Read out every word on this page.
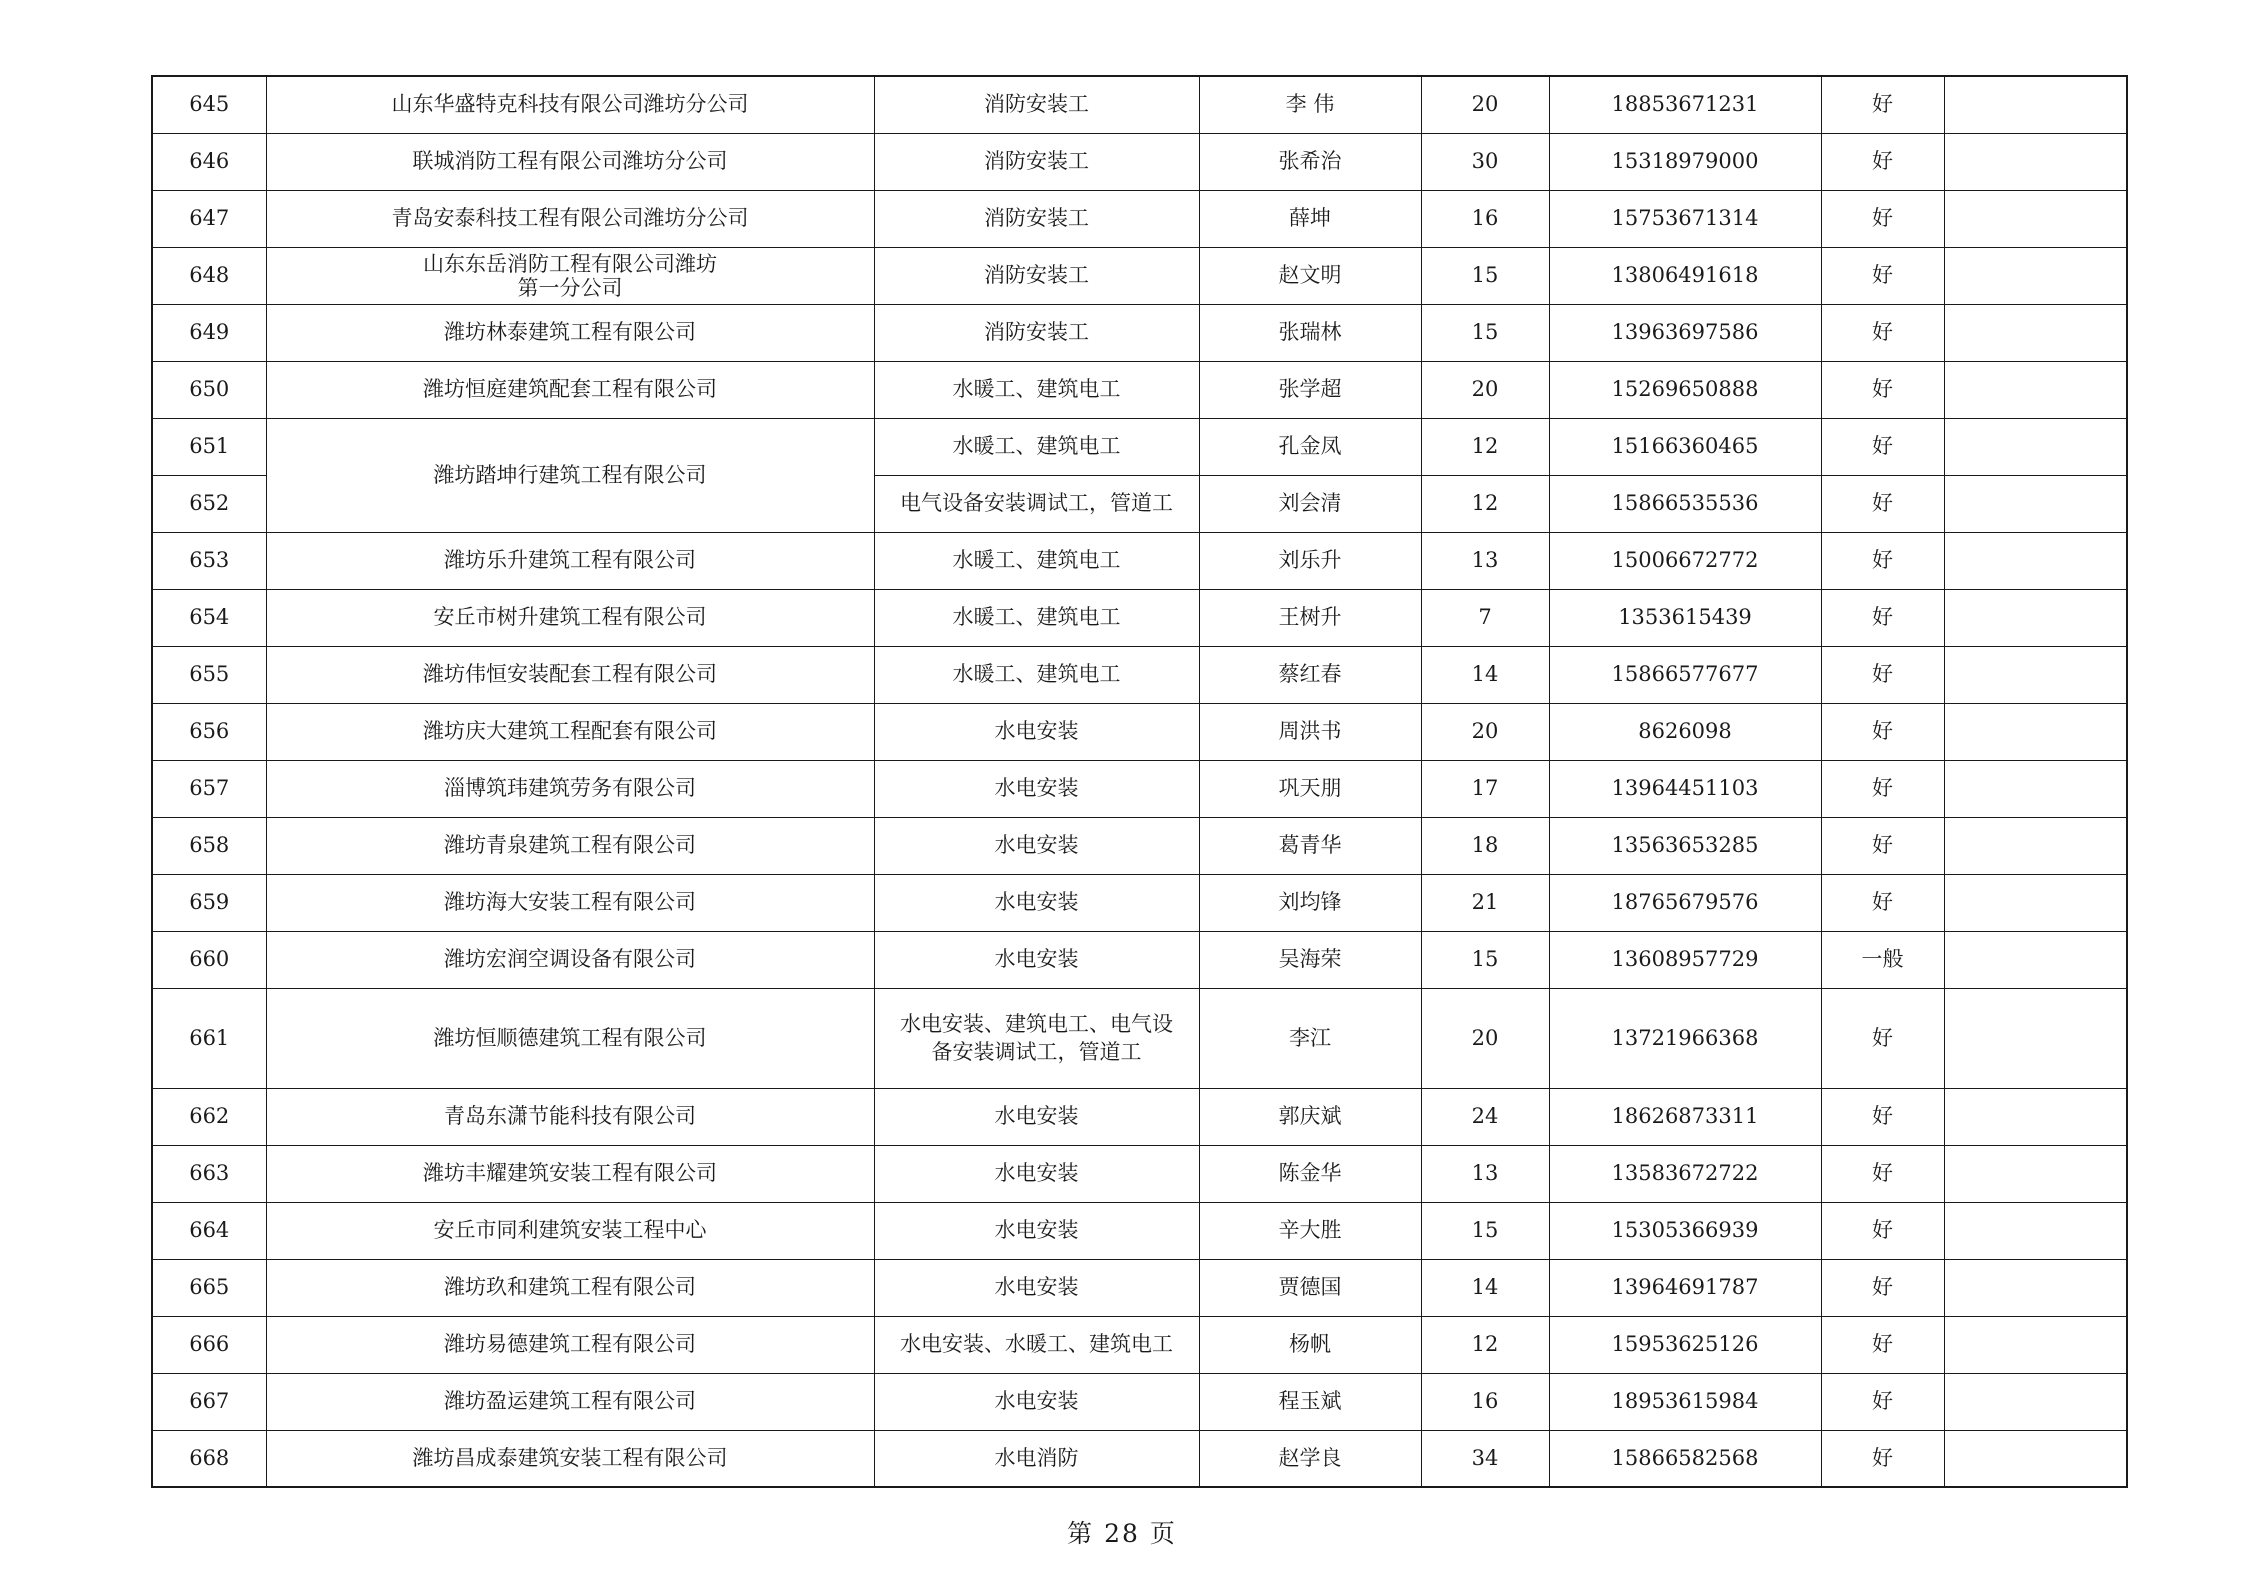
645	山东华盛特克科技有限公司潍坊分公司	消防安装工	李 伟	20	18853671231	好	
646	联城消防工程有限公司潍坊分公司	消防安装工	张希治	30	15318979000	好	
647	青岛安泰科技工程有限公司潍坊分公司	消防安装工	薛坤	16	15753671314	好	
648	山东东岳消防工程有限公司潍坊
第一分公司	消防安装工	赵文明	15	13806491618	好	
649	潍坊林泰建筑工程有限公司	消防安装工	张瑞林	15	13963697586	好	
650	潍坊恒庭建筑配套工程有限公司	水暖工、建筑电工	张学超	20	15269650888	好	
651	潍坊踏坤行建筑工程有限公司	水暖工、建筑电工	孔金凤	12	15166360465	好	
652		电气设备安装调试工，管道工	刘会清	12	15866535536	好	
653	潍坊乐升建筑工程有限公司	水暖工、建筑电工	刘乐升	13	15006672772	好	
654	安丘市树升建筑工程有限公司	水暖工、建筑电工	王树升	7	1353615439	好	
655	潍坊伟恒安装配套工程有限公司	水暖工、建筑电工	蔡红春	14	15866577677	好	
656	潍坊庆大建筑工程配套有限公司	水电安装	周洪书	20	8626098	好	
657	淄博筑玮建筑劳务有限公司	水电安装	巩天朋	17	13964451103	好	
658	潍坊青泉建筑工程有限公司	水电安装	葛青华	18	13563653285	好	
659	潍坊海大安装工程有限公司	水电安装	刘均锋	21	18765679576	好	
660	潍坊宏润空调设备有限公司	水电安装	吴海荣	15	13608957729	一般	
661	潍坊恒顺德建筑工程有限公司	水电安装、建筑电工、电气设
备安装调试工，管道工	李江	20	13721966368	好	
662	青岛东潇节能科技有限公司	水电安装	郭庆斌	24	18626873311	好	
663	潍坊丰耀建筑安装工程有限公司	水电安装	陈金华	13	13583672722	好	
664	安丘市同利建筑安装工程中心	水电安装	辛大胜	15	15305366939	好	
665	潍坊玖和建筑工程有限公司	水电安装	贾德国	14	13964691787	好	
666	潍坊易德建筑工程有限公司	水电安装、水暖工、建筑电工	杨帆	12	15953625126	好	
667	潍坊盈运建筑工程有限公司	水电安装	程玉斌	16	18953615984	好	
668	潍坊昌成泰建筑安装工程有限公司	水电消防	赵学良	34	15866582568	好	
第 28 页
